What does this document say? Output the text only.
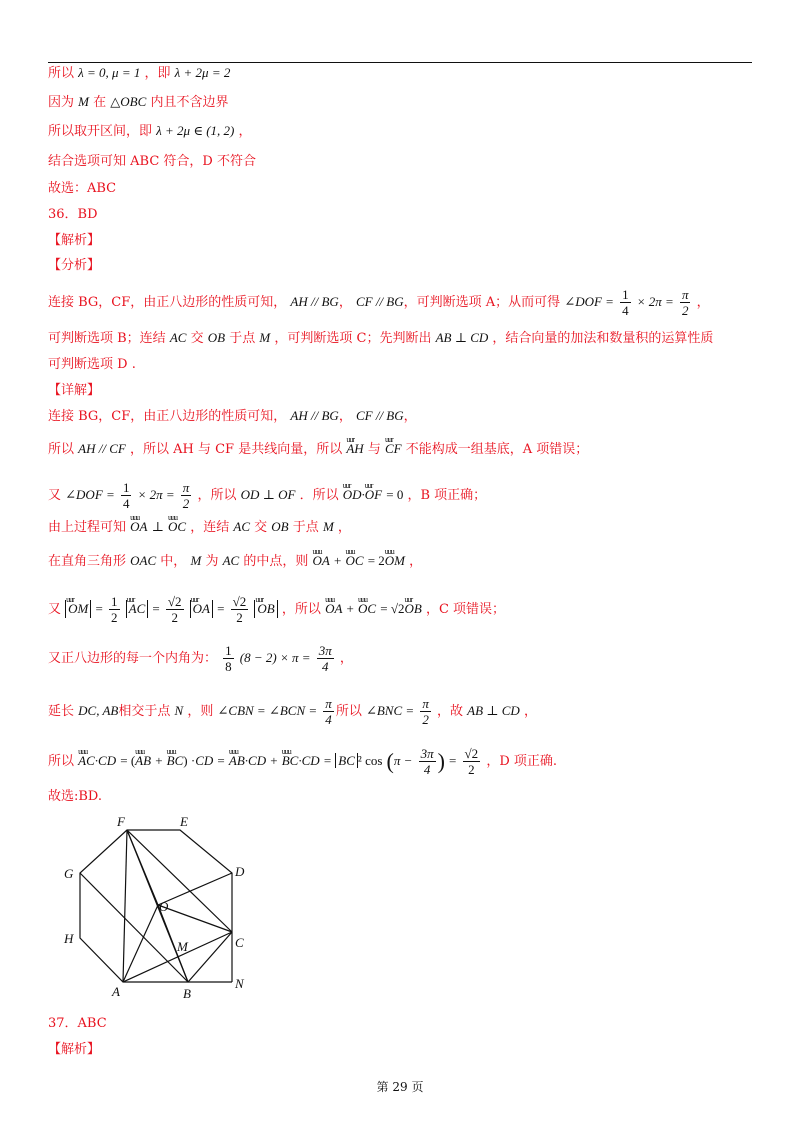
所以 λ = 0, μ = 1 ，即 λ + 2μ = 2
因为 M 在 △OBC 内且不含边界
所以取开区间，即 λ + 2μ ∈ (1, 2) ，
结合选项可知 ABC 符合，D 不符合
故选：ABC
36．BD
【解析】
【分析】
连接 BG，CF，由正八边形的性质可知， AH // BG， CF // BG，可判断选项 A；从而可得 ∠DOF = $\frac{1}{4} \times 2\pi = \frac{\pi}{2}$ ，
可判断选项 B；连结 AC 交 OB 于点 M ，可判断选项 C；先判断出 AB ⊥ CD ，结合向量的加法和数量积的运算性质
可判断选项 D .
【详解】
连接 BG，CF，由正八边形的性质可知， AH // BG， CF // BG，
所以 AH // CF ，所以 AH 与 CF 是共线向量，所以 uur AH 与 uur CF 不能构成一组基底，A 项错误；
又 ∠DOF = $\frac{1}{4} \times 2\pi = \frac{\pi}{2}$ ，所以 OD ⊥ OF ．所以 uur OD·uur OF = 0 ，B 项正确；
由上过程可知 uuu OA ⊥ uuu OC ，连结 AC 交 OB 于点 M ，
在直角三角形 OAC 中， M 为 AC 的中点，则 uuu OA + uuu OC = 2uuu OM ，
又 uur OM = $\frac{1}{2}$ uur AC = $\frac{√2}{2}$ uur OA = $\frac{√2}{2}$ uur OB ，所以 uuu OA + uuu OC = √2uur OB ，C 项错误；
又正八边形的每一个内角为： $\frac{1}{8} (8 - 2) \times \pi = \frac{3\pi}{4}$ ，
延长 DC, AB相交于点 N ，则 ∠CBN = ∠BCN = $\frac{\pi}{4}$ 所以 ∠BNC = $\frac{\pi}{2}$ ，故 AB ⊥ CD ，
所以 uuu AC·CD = (uuu AB + uuu BC) ·CD = uuu AB·CD + uuu BC·CD = BC ² $\cos (\pi - \frac{3\pi}{4}$ ) = $\frac{√2}{2}$ ，D 项正确.
故选:BD.
F	E
G	D
O
H
M	C
A	B
N
37．ABC
【解析】
第 29 页
